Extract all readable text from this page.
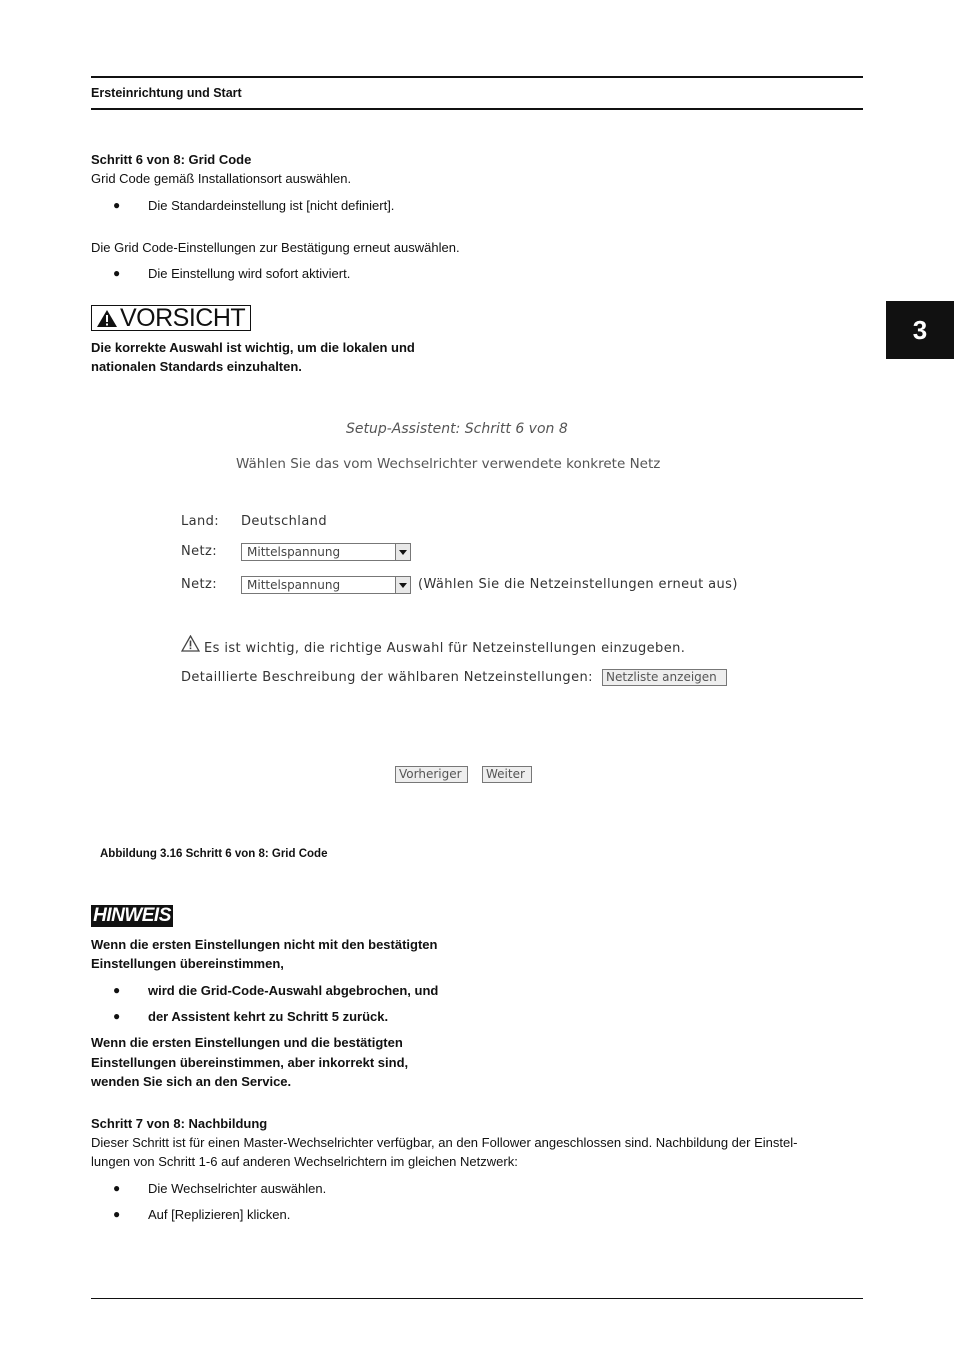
Ersteinrichtung und Start
3
Schritt 6 von 8: Grid Code
Grid Code gemäß Installationsort auswählen.
● Die Standardeinstellung ist [nicht definiert].
Die Grid Code-Einstellungen zur Bestätigung erneut auswählen.
● Die Einstellung wird sofort aktiviert.
VORSICHT
Die korrekte Auswahl ist wichtig, um die lokalen und
nationalen Standards einzuhalten.
Setup-Assistent: Schritt 6 von 8
Wählen Sie das vom Wechselrichter verwendete konkrete Netz
Land: Deutschland
Netz:	Mittelspannung
Netz:	Mittelspannung	(Wählen Sie die Netzeinstellungen erneut aus)
Es ist wichtig, die richtige Auswahl für Netzeinstellungen einzugeben.
Detaillierte Beschreibung der wählbaren Netzeinstellungen:	Netzliste anzeigen
Vorheriger	Weiter
Abbildung 3.16 Schritt 6 von 8: Grid Code
HINWEIS
Wenn die ersten Einstellungen nicht mit den bestätigten
Einstellungen übereinstimmen,
● wird die Grid-Code-Auswahl abgebrochen, und
● der Assistent kehrt zu Schritt 5 zurück.
Wenn die ersten Einstellungen und die bestätigten
Einstellungen übereinstimmen, aber inkorrekt sind,
wenden Sie sich an den Service.
Schritt 7 von 8: Nachbildung
Dieser Schritt ist für einen Master-Wechselrichter verfügbar, an den Follower angeschlossen sind. Nachbildung der Einstel-
lungen von Schritt 1-6 auf anderen Wechselrichtern im gleichen Netzwerk:
● Die Wechselrichter auswählen.
● Auf [Replizieren] klicken.
